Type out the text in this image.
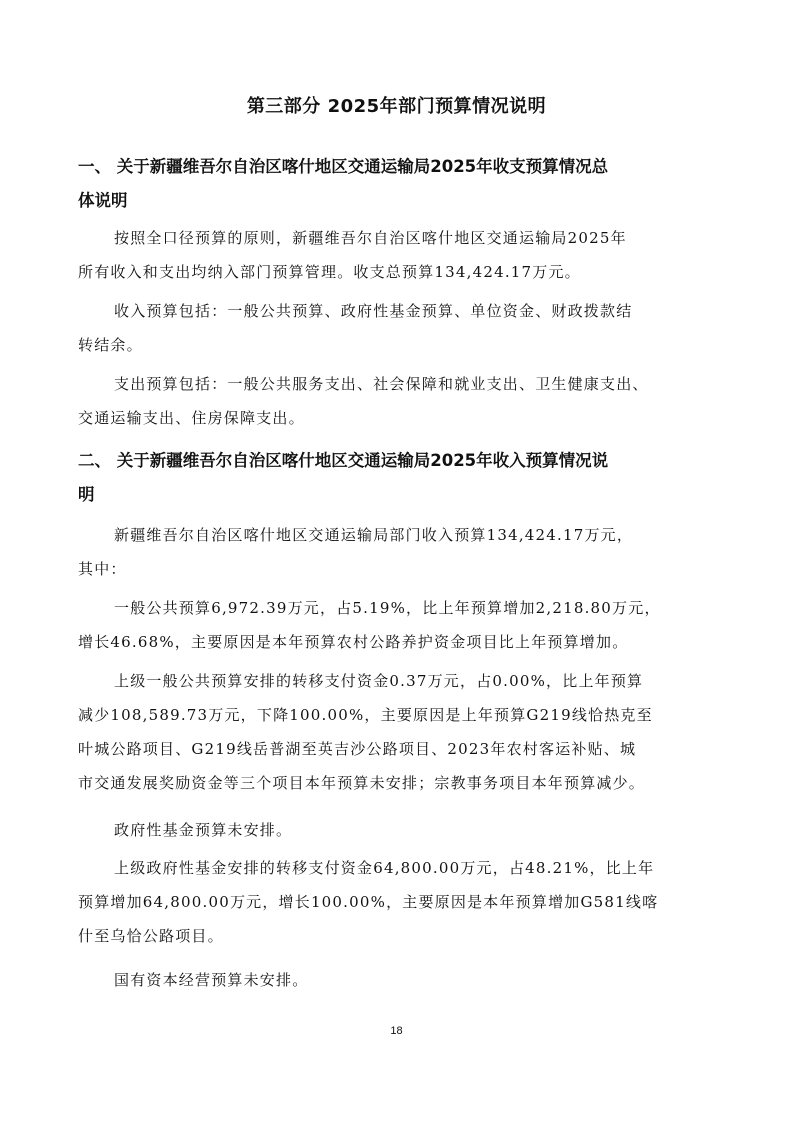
第三部分 2025年部门预算情况说明
一、 关于新疆维吾尔自治区喀什地区交通运输局2025年收支预算情况总
体说明
按照全口径预算的原则，新疆维吾尔自治区喀什地区交通运输局2025年
所有收入和支出均纳入部门预算管理。收支总预算134,424.17万元。
收入预算包括：一般公共预算、政府性基金预算、单位资金、财政拨款结
转结余。
支出预算包括：一般公共服务支出、社会保障和就业支出、卫生健康支出、
交通运输支出、住房保障支出。
二、 关于新疆维吾尔自治区喀什地区交通运输局2025年收入预算情况说
明
新疆维吾尔自治区喀什地区交通运输局部门收入预算134,424.17万元，
其中：
一般公共预算6,972.39万元，占5.19%，比上年预算增加2,218.80万元，
增长46.68%，主要原因是本年预算农村公路养护资金项目比上年预算增加。
上级一般公共预算安排的转移支付资金0.37万元，占0.00%，比上年预算
减少108,589.73万元，下降100.00%，主要原因是上年预算G219线恰热克至
叶城公路项目、G219线岳普湖至英吉沙公路项目、2023年农村客运补贴、城
市交通发展奖励资金等三个项目本年预算未安排；宗教事务项目本年预算减少。
政府性基金预算未安排。
上级政府性基金安排的转移支付资金64,800.00万元，占48.21%，比上年
预算增加64,800.00万元，增长100.00%，主要原因是本年预算增加G581线喀
什至乌恰公路项目。
国有资本经营预算未安排。
18
